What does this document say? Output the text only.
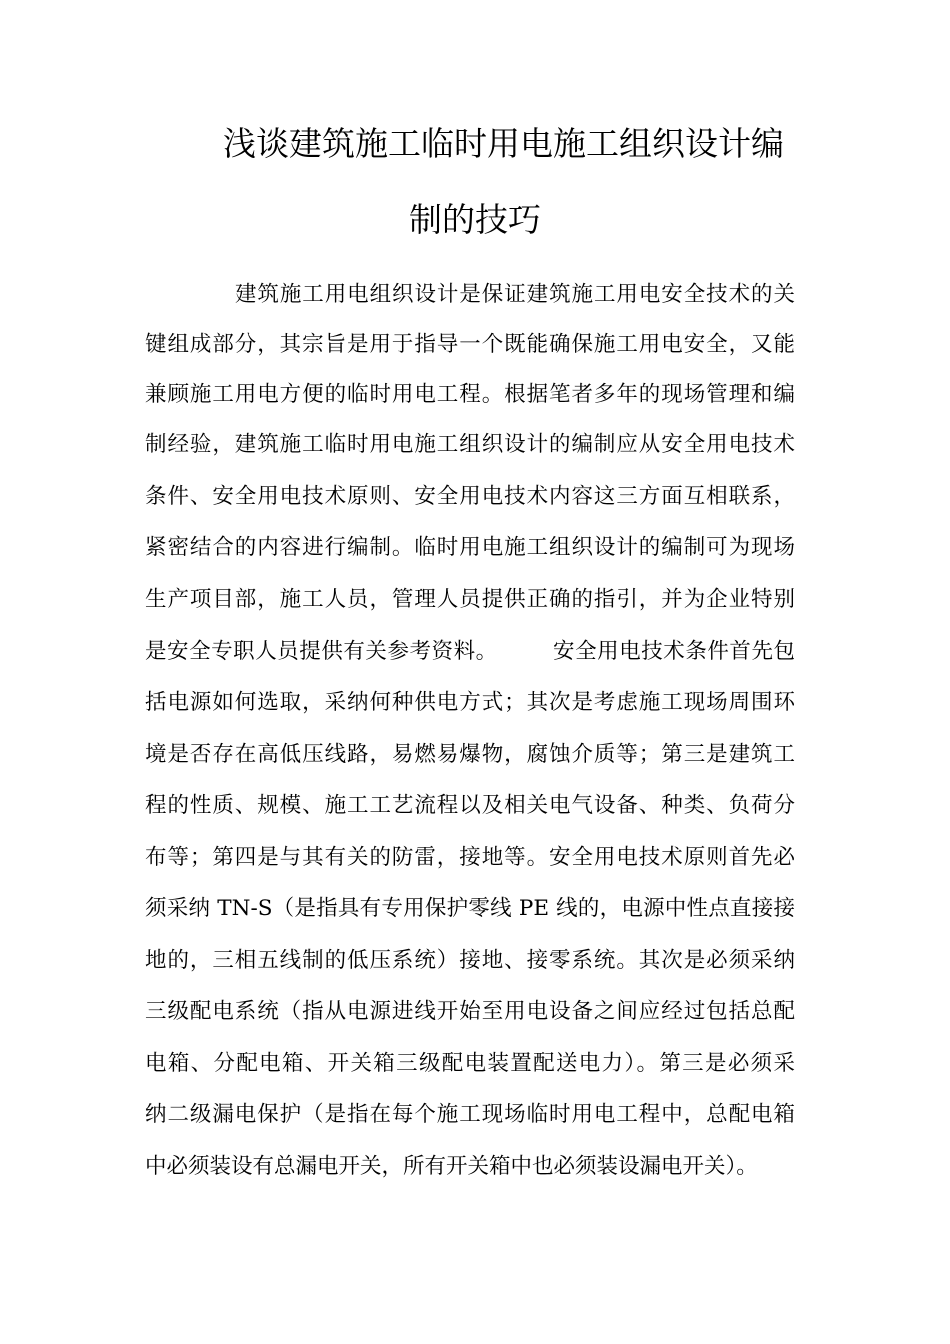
浅谈建筑施工临时用电施工组织设计编
制的技巧
建筑施工用电组织设计是保证建筑施工用电安全技术的关
键组成部分，其宗旨是用于指导一个既能确保施工用电安全，又能
兼顾施工用电方便的临时用电工程。根据笔者多年的现场管理和编
制经验，建筑施工临时用电施工组织设计的编制应从安全用电技术
条件、安全用电技术原则、安全用电技术内容这三方面互相联系，
紧密结合的内容进行编制。临时用电施工组织设计的编制可为现场
生产项目部，施工人员，管理人员提供正确的指引，并为企业特别
是安全专职人员提供有关参考资料。　　　安全用电技术条件首先包
括电源如何选取，采纳何种供电方式；其次是考虑施工现场周围环
境是否存在高低压线路，易燃易爆物，腐蚀介质等；第三是建筑工
程的性质、规模、施工工艺流程以及相关电气设备、种类、负荷分
布等；第四是与其有关的防雷，接地等。安全用电技术原则首先必
须采纳 TN-S（是指具有专用保护零线 PE 线的，电源中性点直接接
地的，三相五线制的低压系统）接地、接零系统。其次是必须采纳
三级配电系统（指从电源进线开始至用电设备之间应经过包括总配
电箱、分配电箱、开关箱三级配电装置配送电力）。第三是必须采
纳二级漏电保护（是指在每个施工现场临时用电工程中，总配电箱
中必须装设有总漏电开关，所有开关箱中也必须装设漏电开关）。
